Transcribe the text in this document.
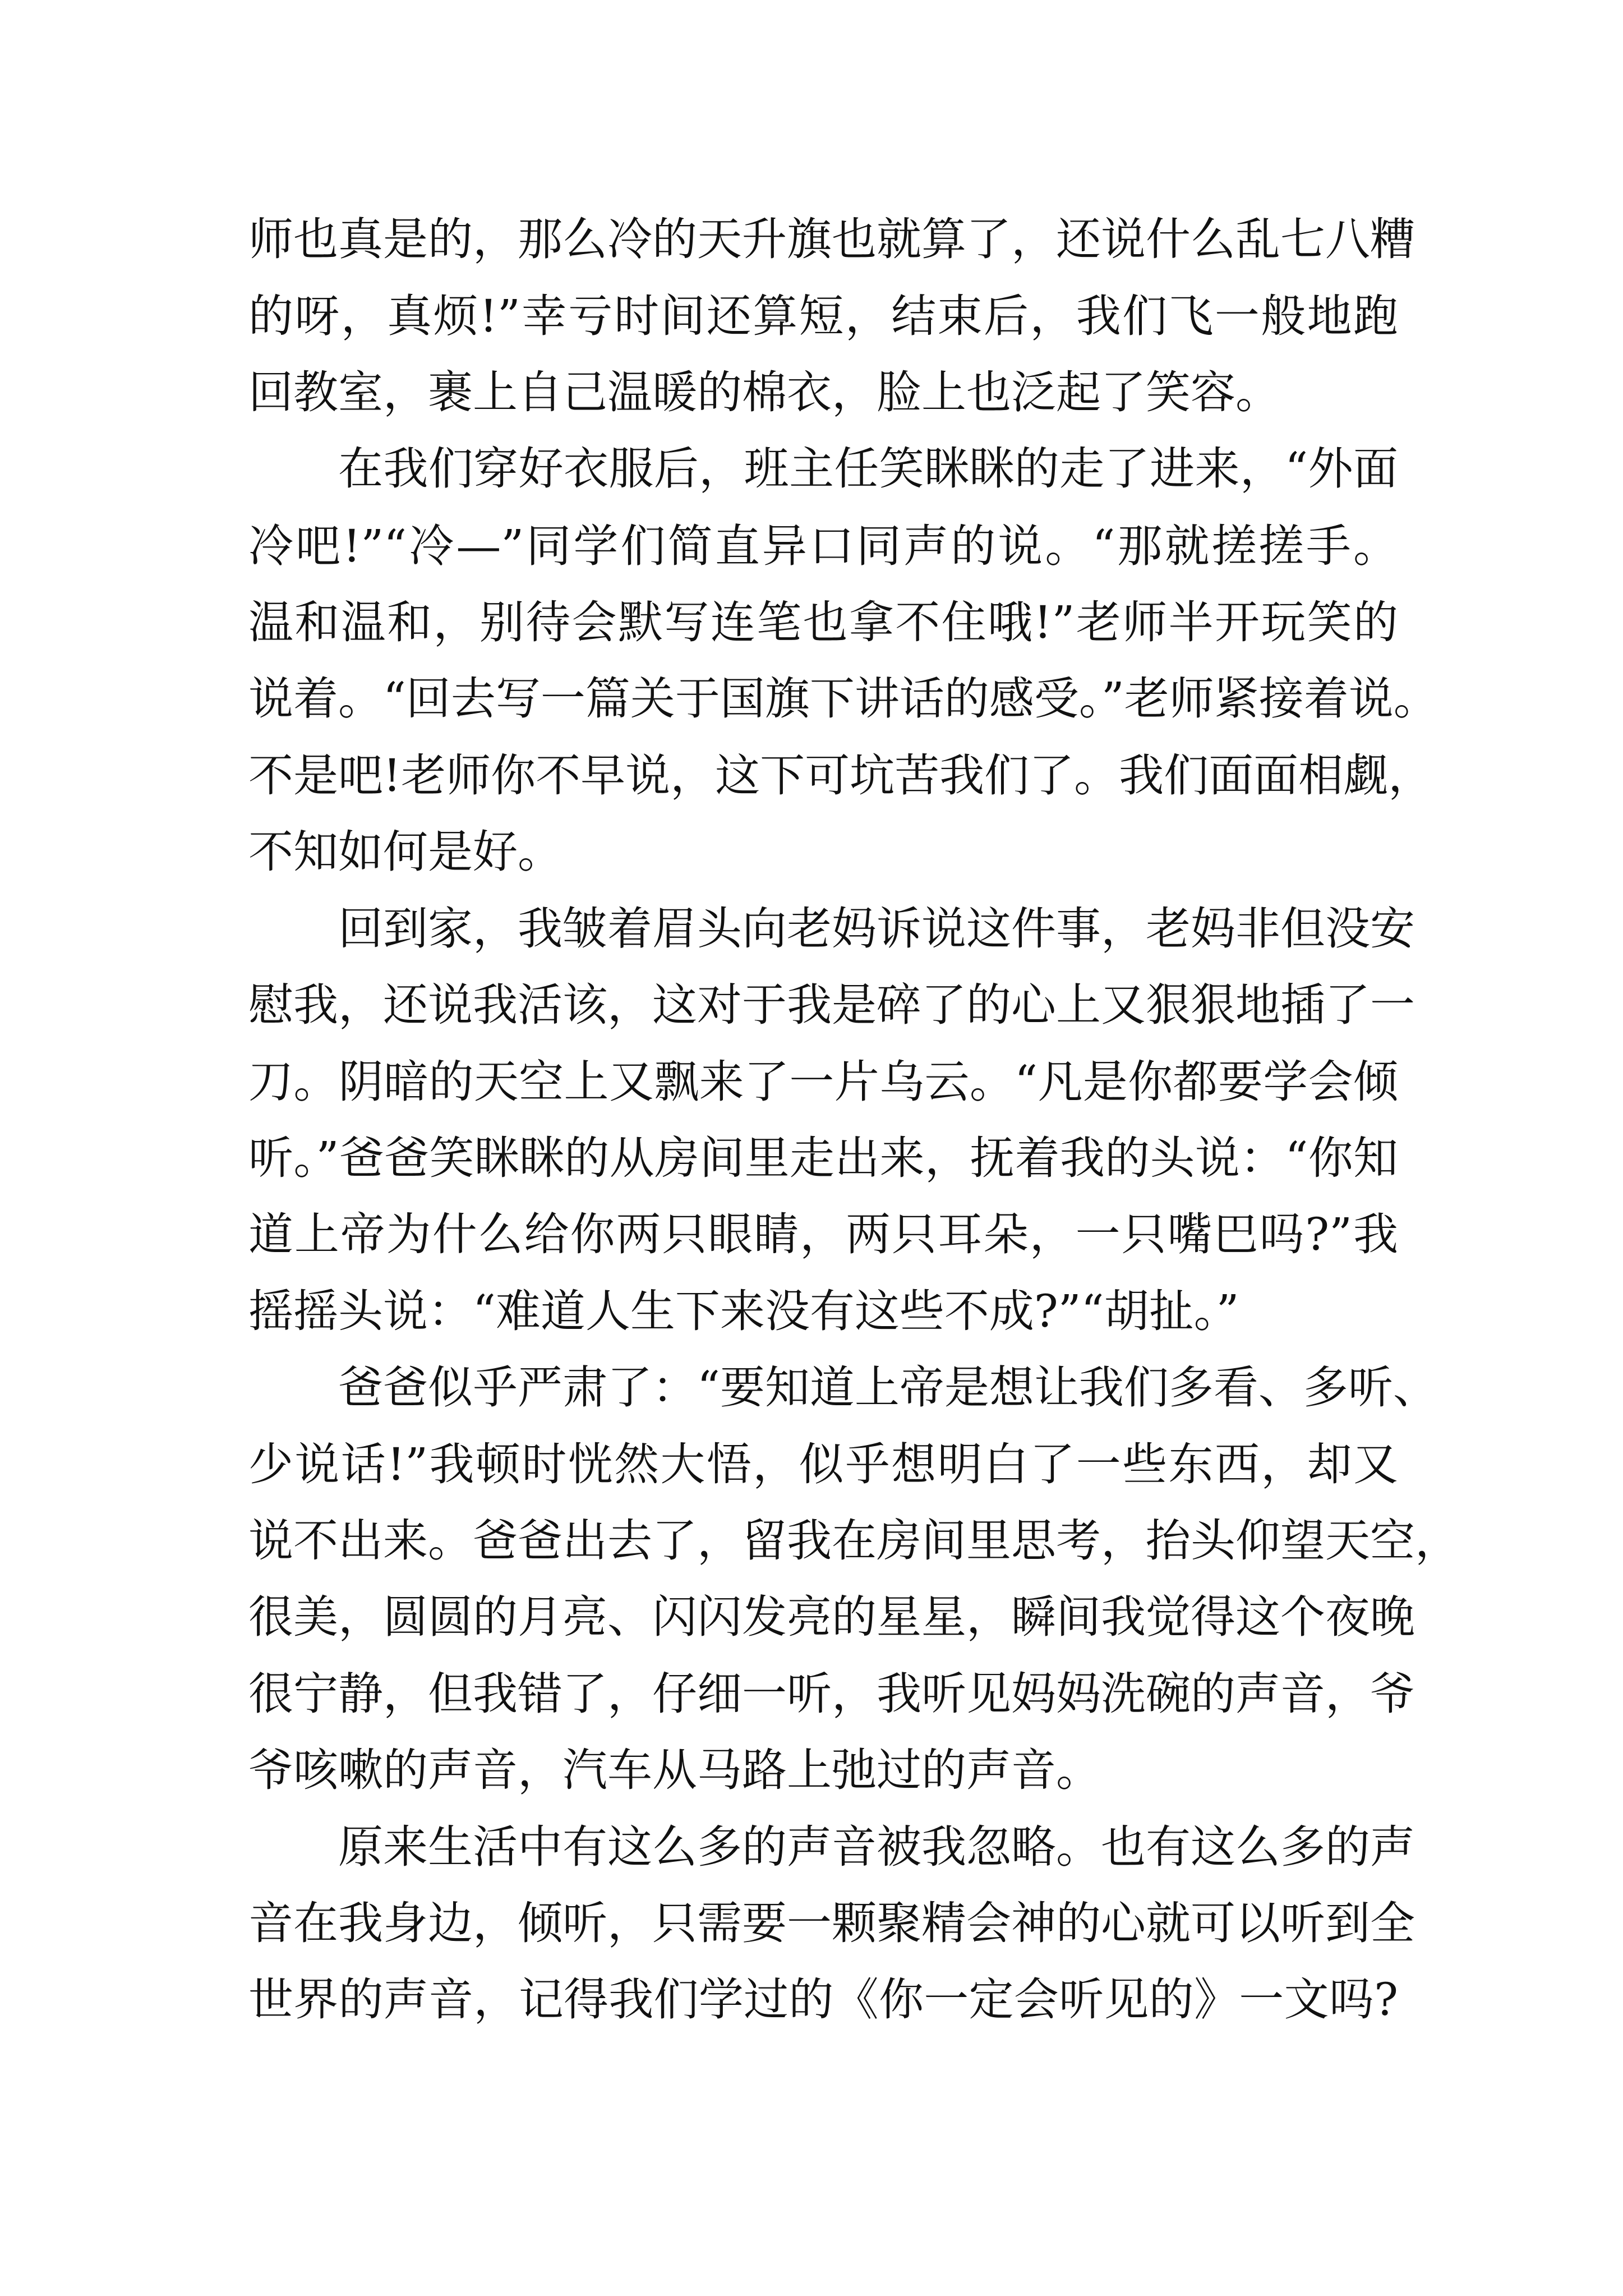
师也真是的，那么冷的天升旗也就算了，还说什么乱七八糟
的呀，真烦!”幸亏时间还算短，结束后，我们飞一般地跑
回教室，裹上自己温暖的棉衣，脸上也泛起了笑容。
在我们穿好衣服后，班主任笑眯眯的走了进来，“外面
冷吧!”“冷—”同学们简直异口同声的说。“那就搓搓手。
温和温和，别待会默写连笔也拿不住哦!”老师半开玩笑的
说着。“回去写一篇关于国旗下讲话的感受。”老师紧接着说。
不是吧!老师你不早说，这下可坑苦我们了。我们面面相觑，
不知如何是好。
回到家，我皱着眉头向老妈诉说这件事，老妈非但没安
慰我，还说我活该，这对于我是碎了的心上又狠狠地插了一
刀。阴暗的天空上又飘来了一片乌云。“凡是你都要学会倾
听。”爸爸笑眯眯的从房间里走出来，抚着我的头说：“你知
道上帝为什么给你两只眼睛，两只耳朵，一只嘴巴吗?”我
摇摇头说：“难道人生下来没有这些不成?”“胡扯。”
爸爸似乎严肃了：“要知道上帝是想让我们多看、多听、
少说话!”我顿时恍然大悟，似乎想明白了一些东西，却又
说不出来。爸爸出去了，留我在房间里思考，抬头仰望天空，
很美，圆圆的月亮、闪闪发亮的星星，瞬间我觉得这个夜晚
很宁静，但我错了，仔细一听，我听见妈妈洗碗的声音，爷
爷咳嗽的声音，汽车从马路上弛过的声音。
原来生活中有这么多的声音被我忽略。也有这么多的声
音在我身边，倾听，只需要一颗聚精会神的心就可以听到全
世界的声音，记得我们学过的《你一定会听见的》一文吗?
